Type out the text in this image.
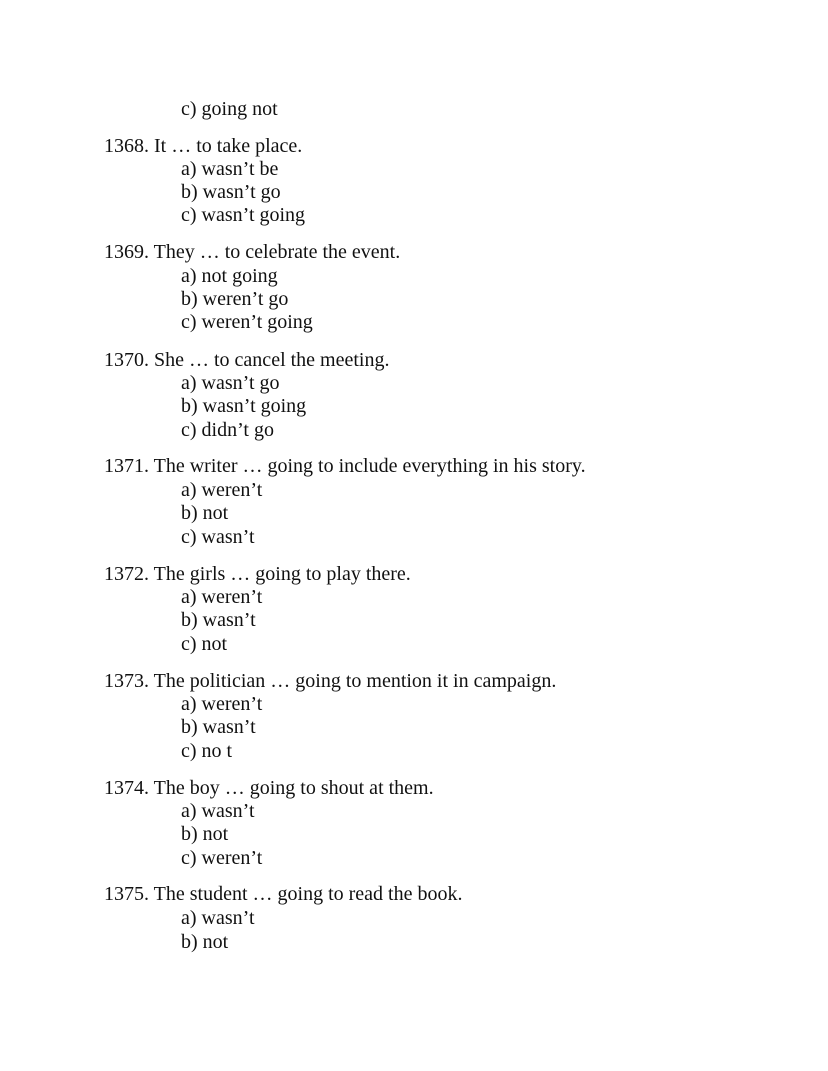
c) going not
1368. It … to take place.
a) wasn’t be
b) wasn’t go
c) wasn’t going
1369. They … to celebrate the event.
a) not going
b) weren’t go
c) weren’t going
1370. She … to cancel the meeting.
a) wasn’t go
b) wasn’t going
c) didn’t go
1371. The writer … going to include everything in his story.
a) weren’t
b) not
c) wasn’t
1372. The girls … going to play there.
a) weren’t
b) wasn’t
c) not
1373. The politician … going to mention it in campaign.
a) weren’t
b) wasn’t
c) no t
1374. The boy … going to shout at them.
a) wasn’t
b) not
c) weren’t
1375. The student … going to read the book.
a) wasn’t
b) not
